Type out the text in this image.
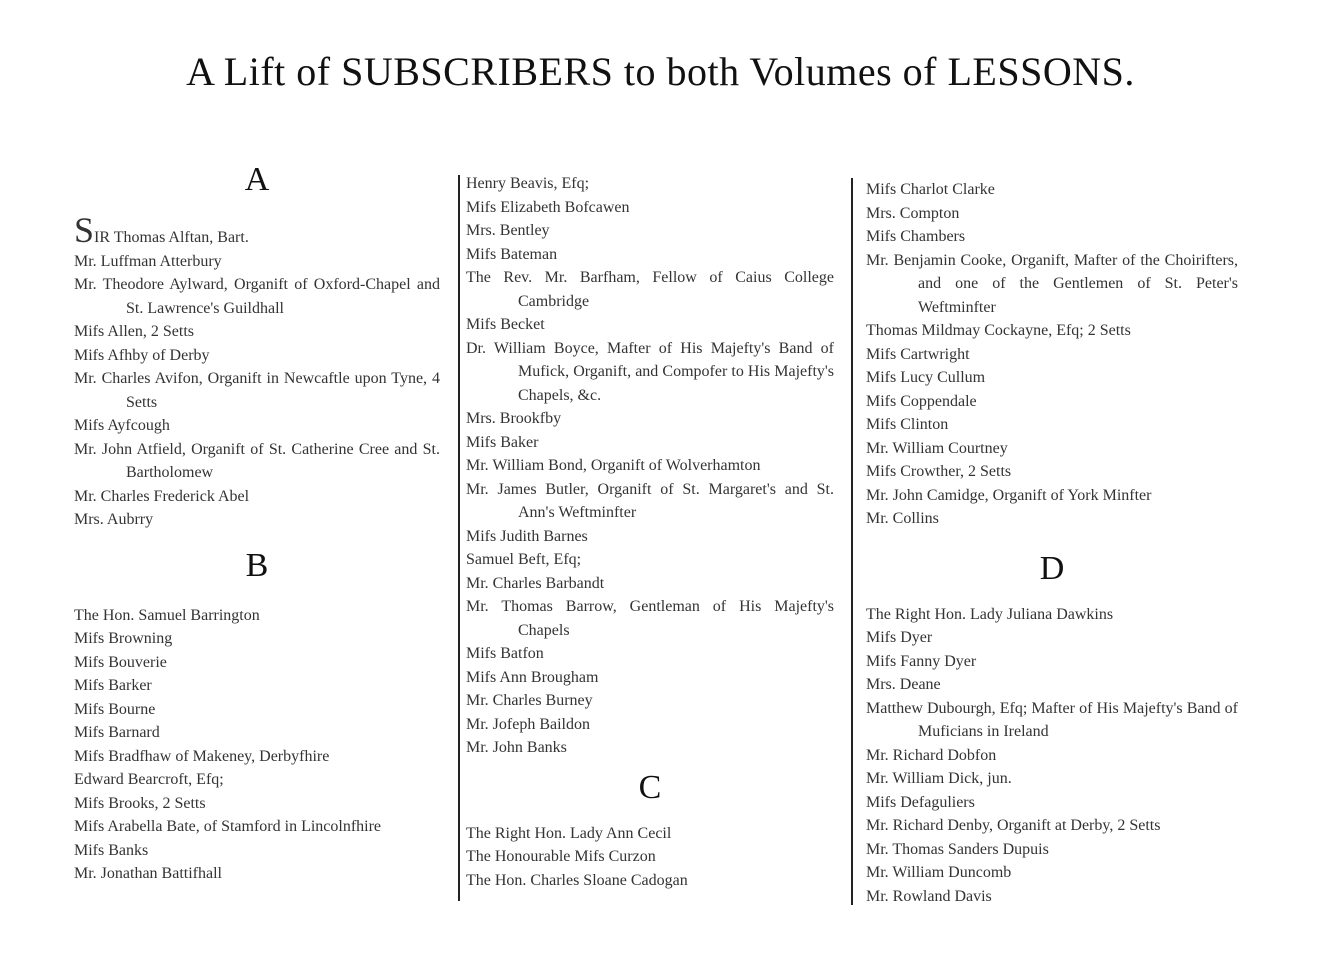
A Lift of SUBSCRIBERS to both Volumes of LESSONS.
A
SIR Thomas Alftan, Bart.
Mr. Luffman Atterbury
Mr. Theodore Aylward, Organift of Oxford-Chapel and St. Lawrence's Guildhall
Mifs Allen, 2 Setts
Mifs Afhby of Derby
Mr. Charles Avifon, Organift in Newcaftle upon Tyne, 4 Setts
Mifs Ayfcough
Mr. John Atfield, Organift of St. Catherine Cree and St. Bartholomew
Mr. Charles Frederick Abel
Mrs. Aubrry
B
The Hon. Samuel Barrington
Mifs Browning
Mifs Bouverie
Mifs Barker
Mifs Bourne
Mifs Barnard
Mifs Bradfhaw of Makeney, Derbyfhire
Edward Bearcroft, Efq;
Mifs Brooks, 2 Setts
Mifs Arabella Bate, of Stamford in Lincolnfhire
Mifs Banks
Mr. Jonathan Battifhall
Henry Beavis, Efq;
Mifs Elizabeth Bofcawen
Mrs. Bentley
Mifs Bateman
The Rev. Mr. Barfham, Fellow of Caius College Cambridge
Mifs Becket
Dr. William Boyce, Mafter of His Majefty's Band of Mufick, Organift, and Compofer to His Majefty's Chapels, &c.
Mrs. Brookfby
Mifs Baker
Mr. William Bond, Organift of Wolverhamton
Mr. James Butler, Organift of St. Margaret's and St. Ann's Weftminfter
Mifs Judith Barnes
Samuel Beft, Efq;
Mr. Charles Barbandt
Mr. Thomas Barrow, Gentleman of His Majefty's Chapels
Mifs Batfon
Mifs Ann Brougham
Mr. Charles Burney
Mr. Jofeph Baildon
Mr. John Banks
C
The Right Hon. Lady Ann Cecil
The Honourable Mifs Curzon
The Hon. Charles Sloane Cadogan
Mifs Charlot Clarke
Mrs. Compton
Mifs Chambers
Mr. Benjamin Cooke, Organift, Mafter of the Choirifters, and one of the Gentlemen of St. Peter's Weftminfter
Thomas Mildmay Cockayne, Efq; 2 Setts
Mifs Cartwright
Mifs Lucy Cullum
Mifs Coppendale
Mifs Clinton
Mr. William Courtney
Mifs Crowther, 2 Setts
Mr. John Camidge, Organift of York Minfter
Mr. Collins
D
The Right Hon. Lady Juliana Dawkins
Mifs Dyer
Mifs Fanny Dyer
Mrs. Deane
Matthew Dubourgh, Efq; Mafter of His Majefty's Band of Muficians in Ireland
Mr. Richard Dobfon
Mr. William Dick, jun.
Mifs Defaguliers
Mr. Richard Denby, Organift at Derby, 2 Setts
Mr. Thomas Sanders Dupuis
Mr. William Duncomb
Mr. Rowland Davis
